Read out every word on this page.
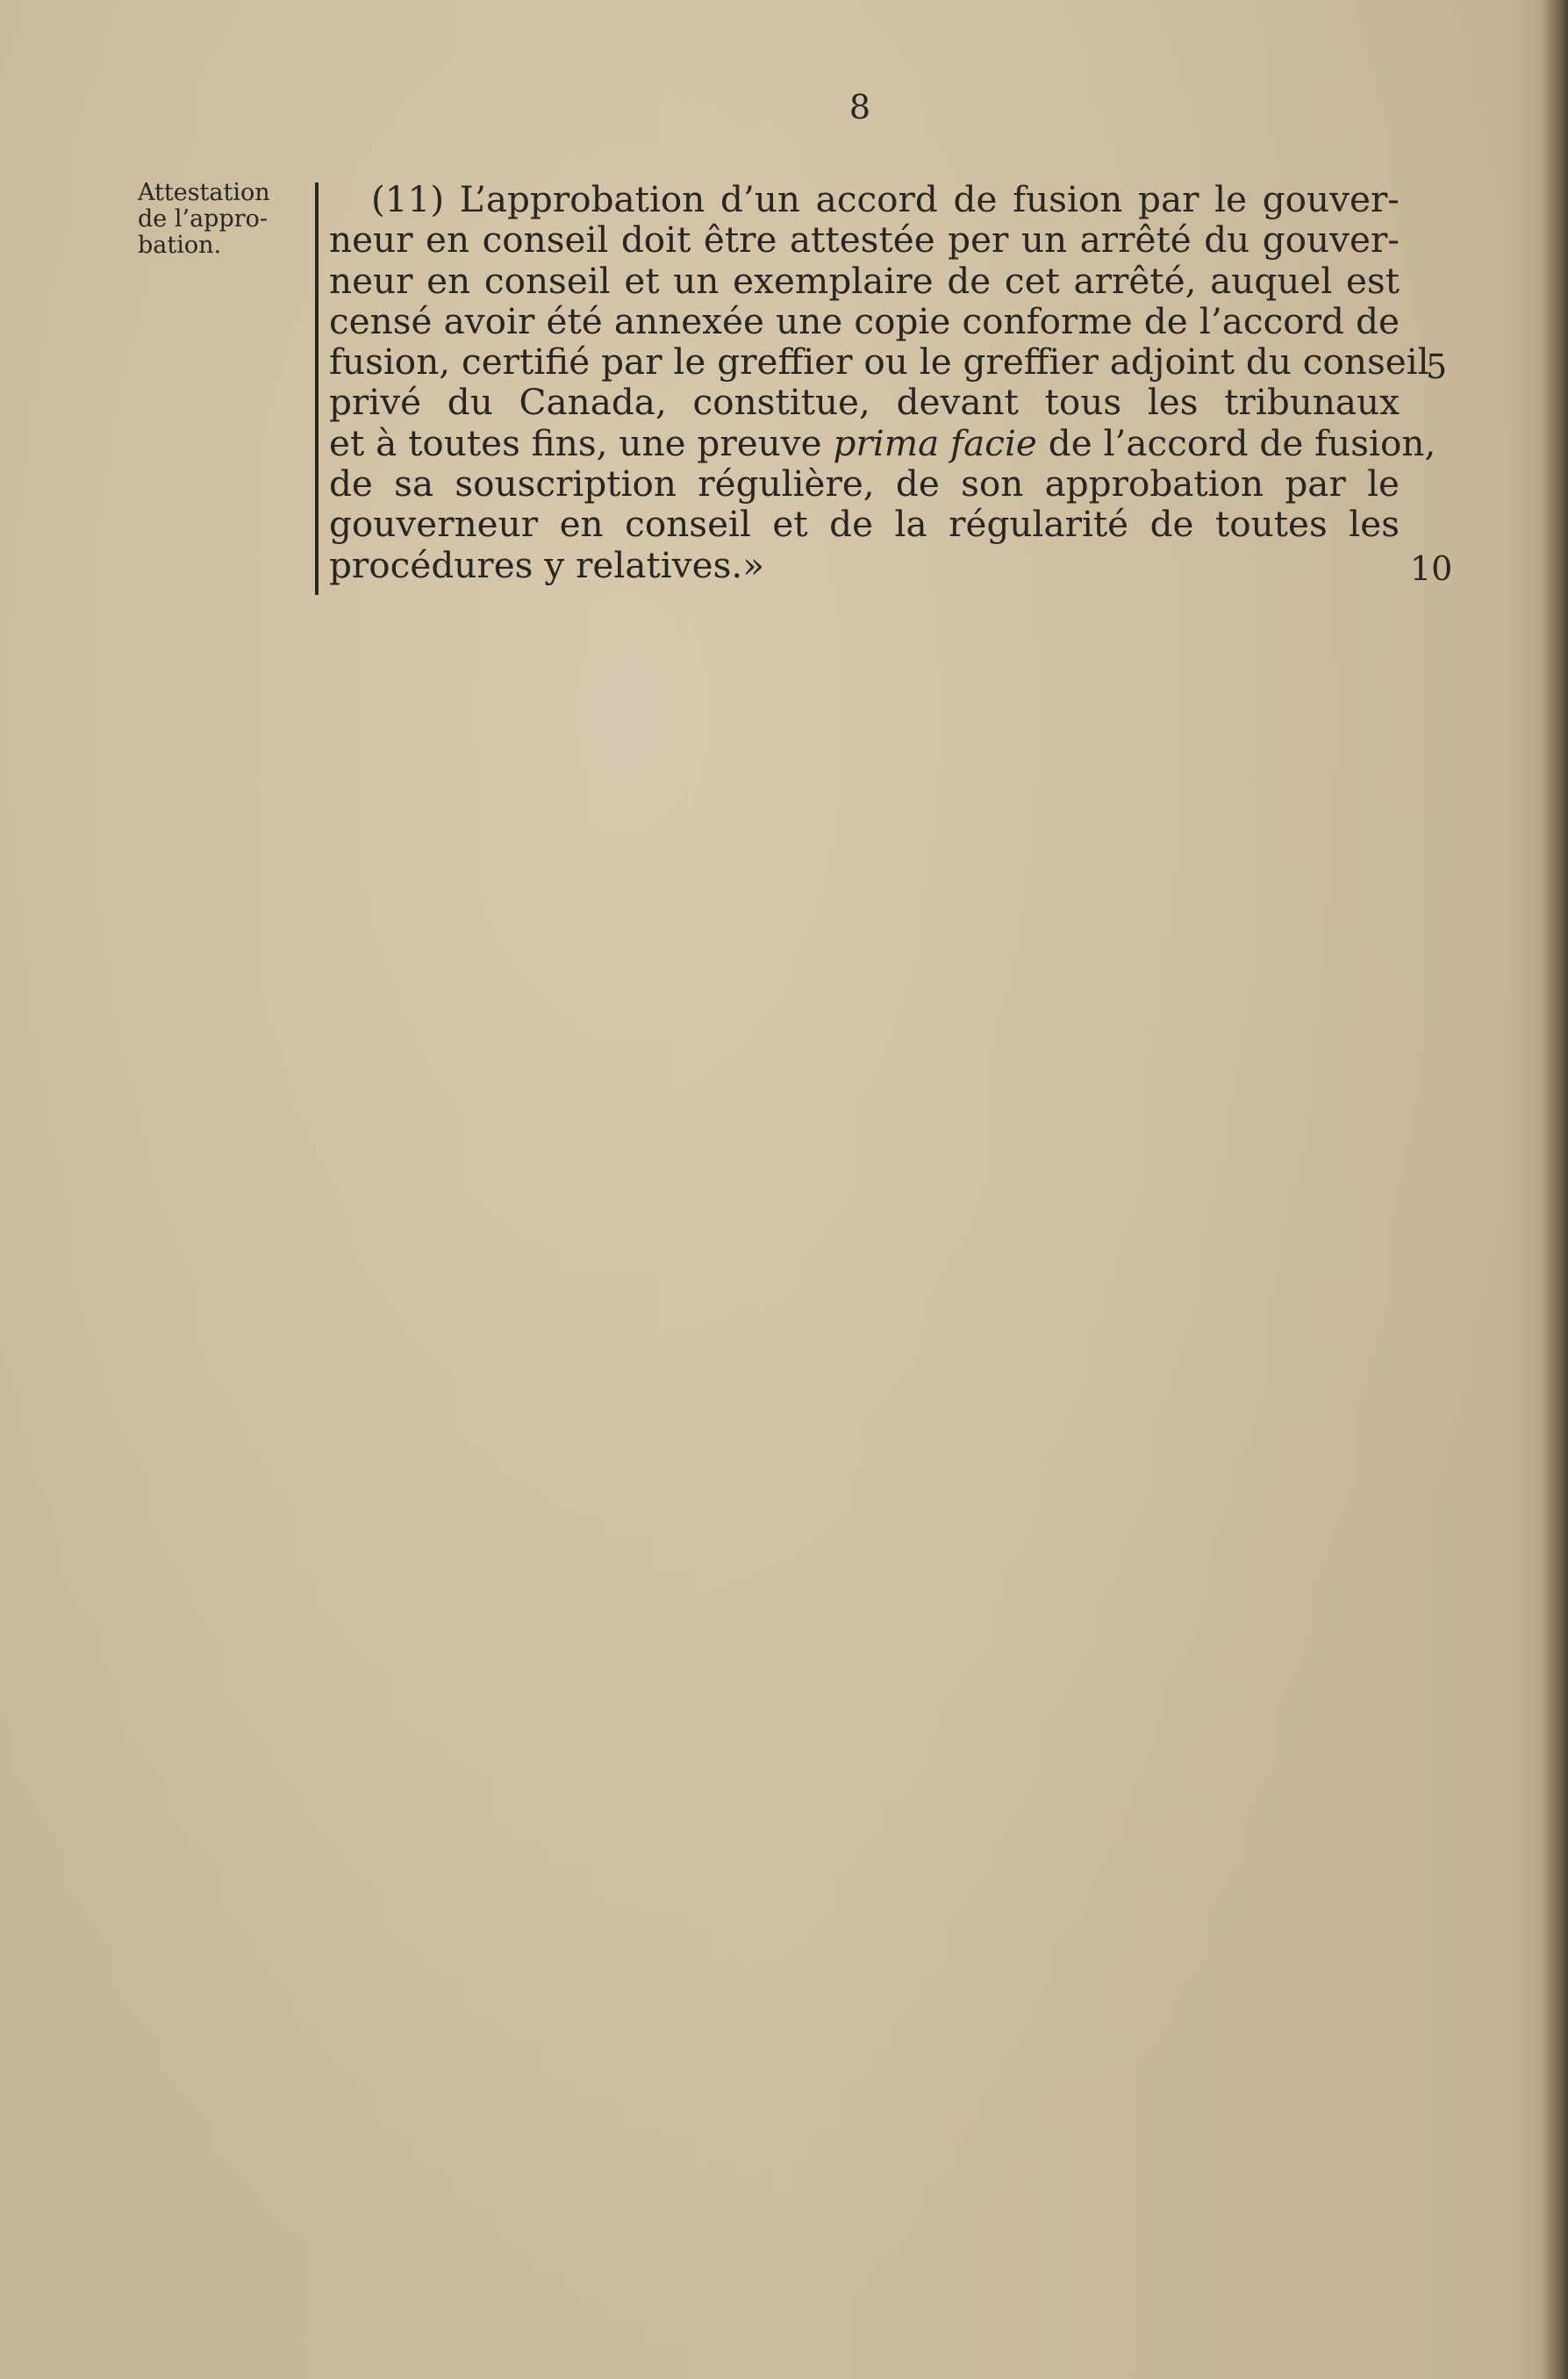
8
Attestation
de l’appro-
bation.
(11) L’approbation d’un accord de fusion par le gouver-
neur en conseil doit être attestée per un arrêté du gouver-
neur en conseil et un exemplaire de cet arrêté, auquel est
censé avoir été annexée une copie conforme de l’accord de
fusion, certifié par le greffier ou le greffier adjoint du conseil
privé du Canada, constitue, devant tous les tribunaux
et à toutes fins, une preuve prima facie de l’accord de fusion,
de sa souscription régulière, de son approbation par le
gouverneur en conseil et de la régularité de toutes les
procédures y relatives.»
5
10
